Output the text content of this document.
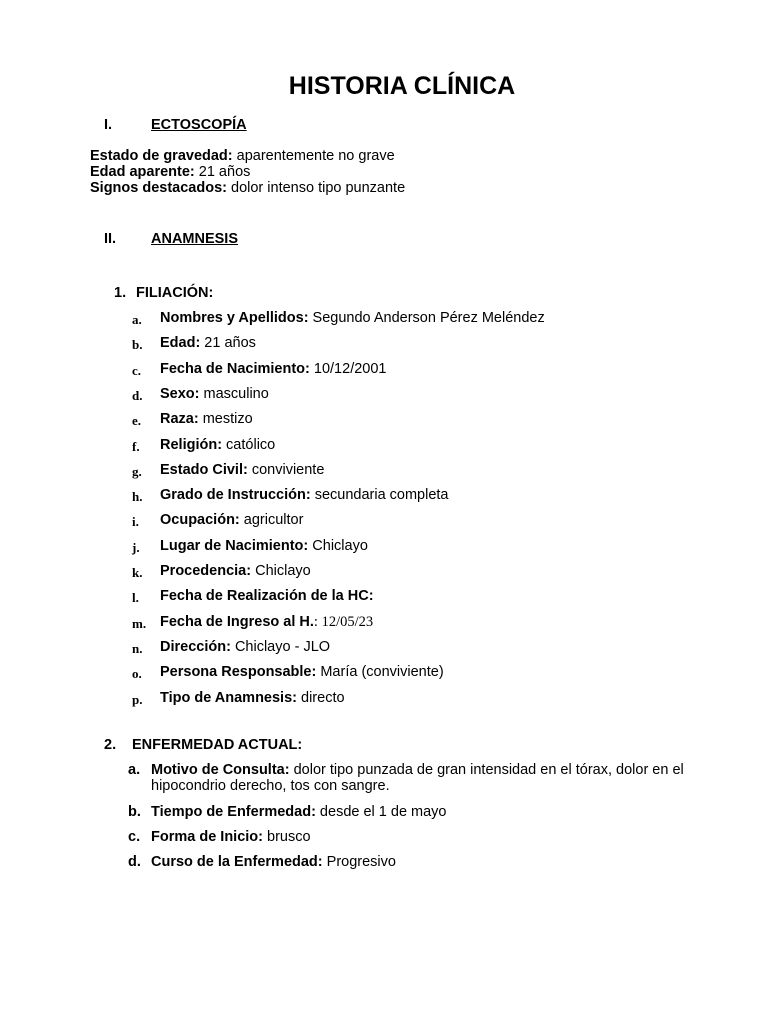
HISTORIA CLÍNICA
I.	ECTOSCOPÍA
Estado de gravedad: aparentemente no grave
Edad aparente: 21 años
Signos destacados: dolor intenso tipo punzante
II. ANAMNESIS
1. FILIACIÓN:
a. Nombres y Apellidos: Segundo Anderson Pérez Meléndez
b. Edad: 21 años
c. Fecha de Nacimiento: 10/12/2001
d. Sexo: masculino
e. Raza: mestizo
f. Religión: católico
g. Estado Civil: conviviente
h. Grado de Instrucción: secundaria completa
i. Ocupación: agricultor
j. Lugar de Nacimiento: Chiclayo
k. Procedencia: Chiclayo
l. Fecha de Realización de la HC:
m. Fecha de Ingreso al H.: 12/05/23
n. Dirección: Chiclayo - JLO
o. Persona Responsable: María (conviviente)
p. Tipo de Anamnesis: directo
2. ENFERMEDAD ACTUAL:
a. Motivo de Consulta: dolor tipo punzada de gran intensidad en el tórax, dolor en el hipocondrio derecho, tos con sangre.
b. Tiempo de Enfermedad: desde el 1 de mayo
c. Forma de Inicio: brusco
d. Curso de la Enfermedad: Progresivo
